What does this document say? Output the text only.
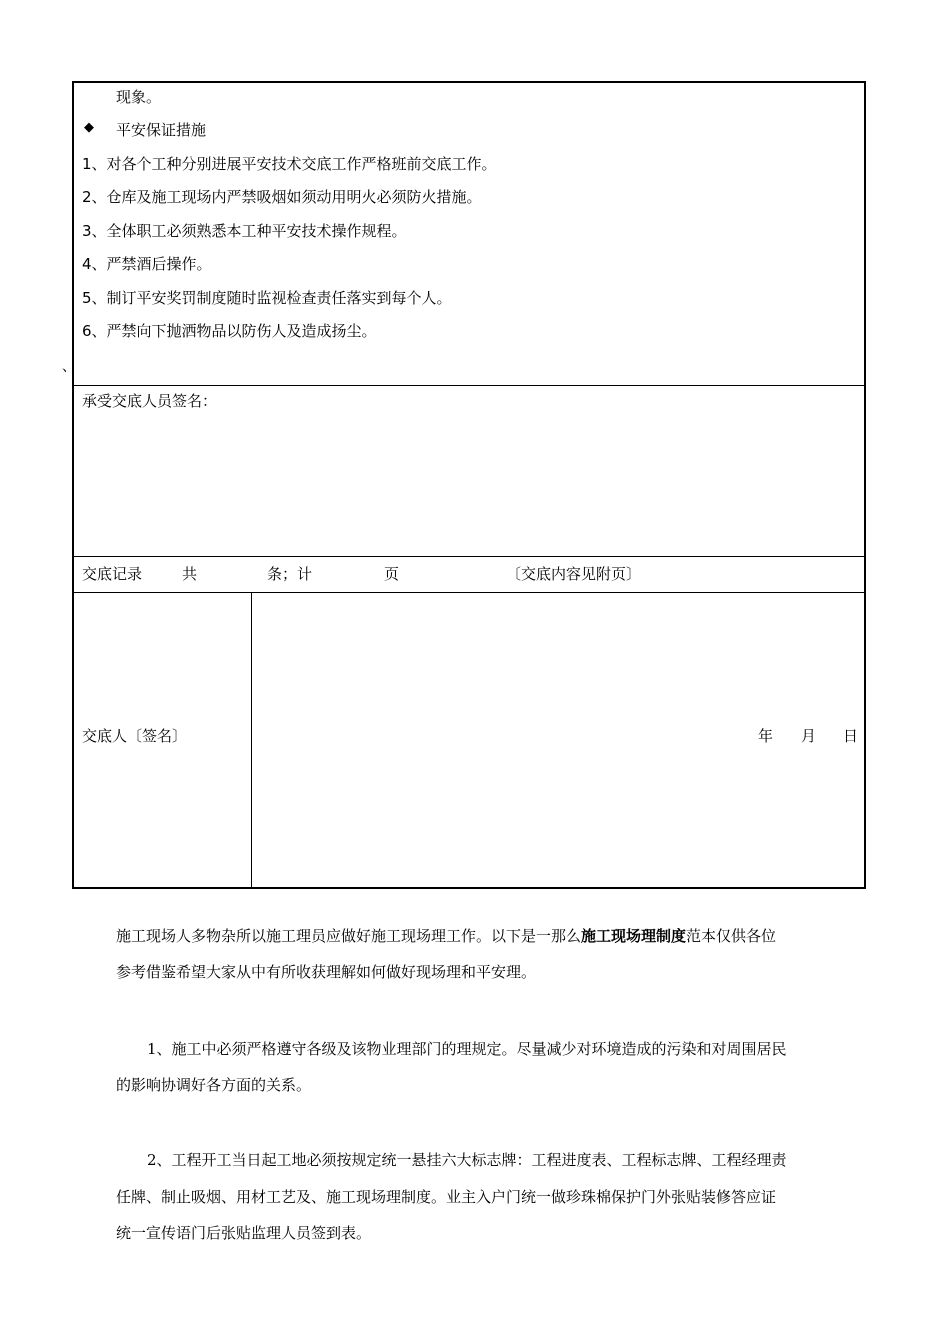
现象。
◆ 平安保证措施
1、对各个工种分别进展平安技术交底工作严格班前交底工作。
2、仓库及施工现场内严禁吸烟如须动用明火必须防火措施。
3、全体职工必须熟悉本工种平安技术操作规程。
4、严禁酒后操作。
5、制订平安奖罚制度随时监视检查责任落实到每个人。
6、严禁向下抛洒物品以防伤人及造成扬尘。
承受交底人员签名：
交底记录	共	条；计	页	〔交底内容见附页〕
交底人〔签名〕	年 月 日
、
施工现场人多物杂所以施工理员应做好施工现场理工作。以下是一那么施工现场理制度范本仅供各位
参考借鉴希望大家从中有所收获理解如何做好现场理和平安理。
1、施工中必须严格遵守各级及该物业理部门的理规定。尽量减少对环境造成的污染和对周围居民
的影响协调好各方面的关系。
2、工程开工当日起工地必须按规定统一悬挂六大标志牌：工程进度表、工程标志牌、工程经理责
任牌、制止吸烟、用材工艺及、施工现场理制度。业主入户门统一做珍珠棉保护门外张贴装修答应证
统一宣传语门后张贴监理人员签到表。
